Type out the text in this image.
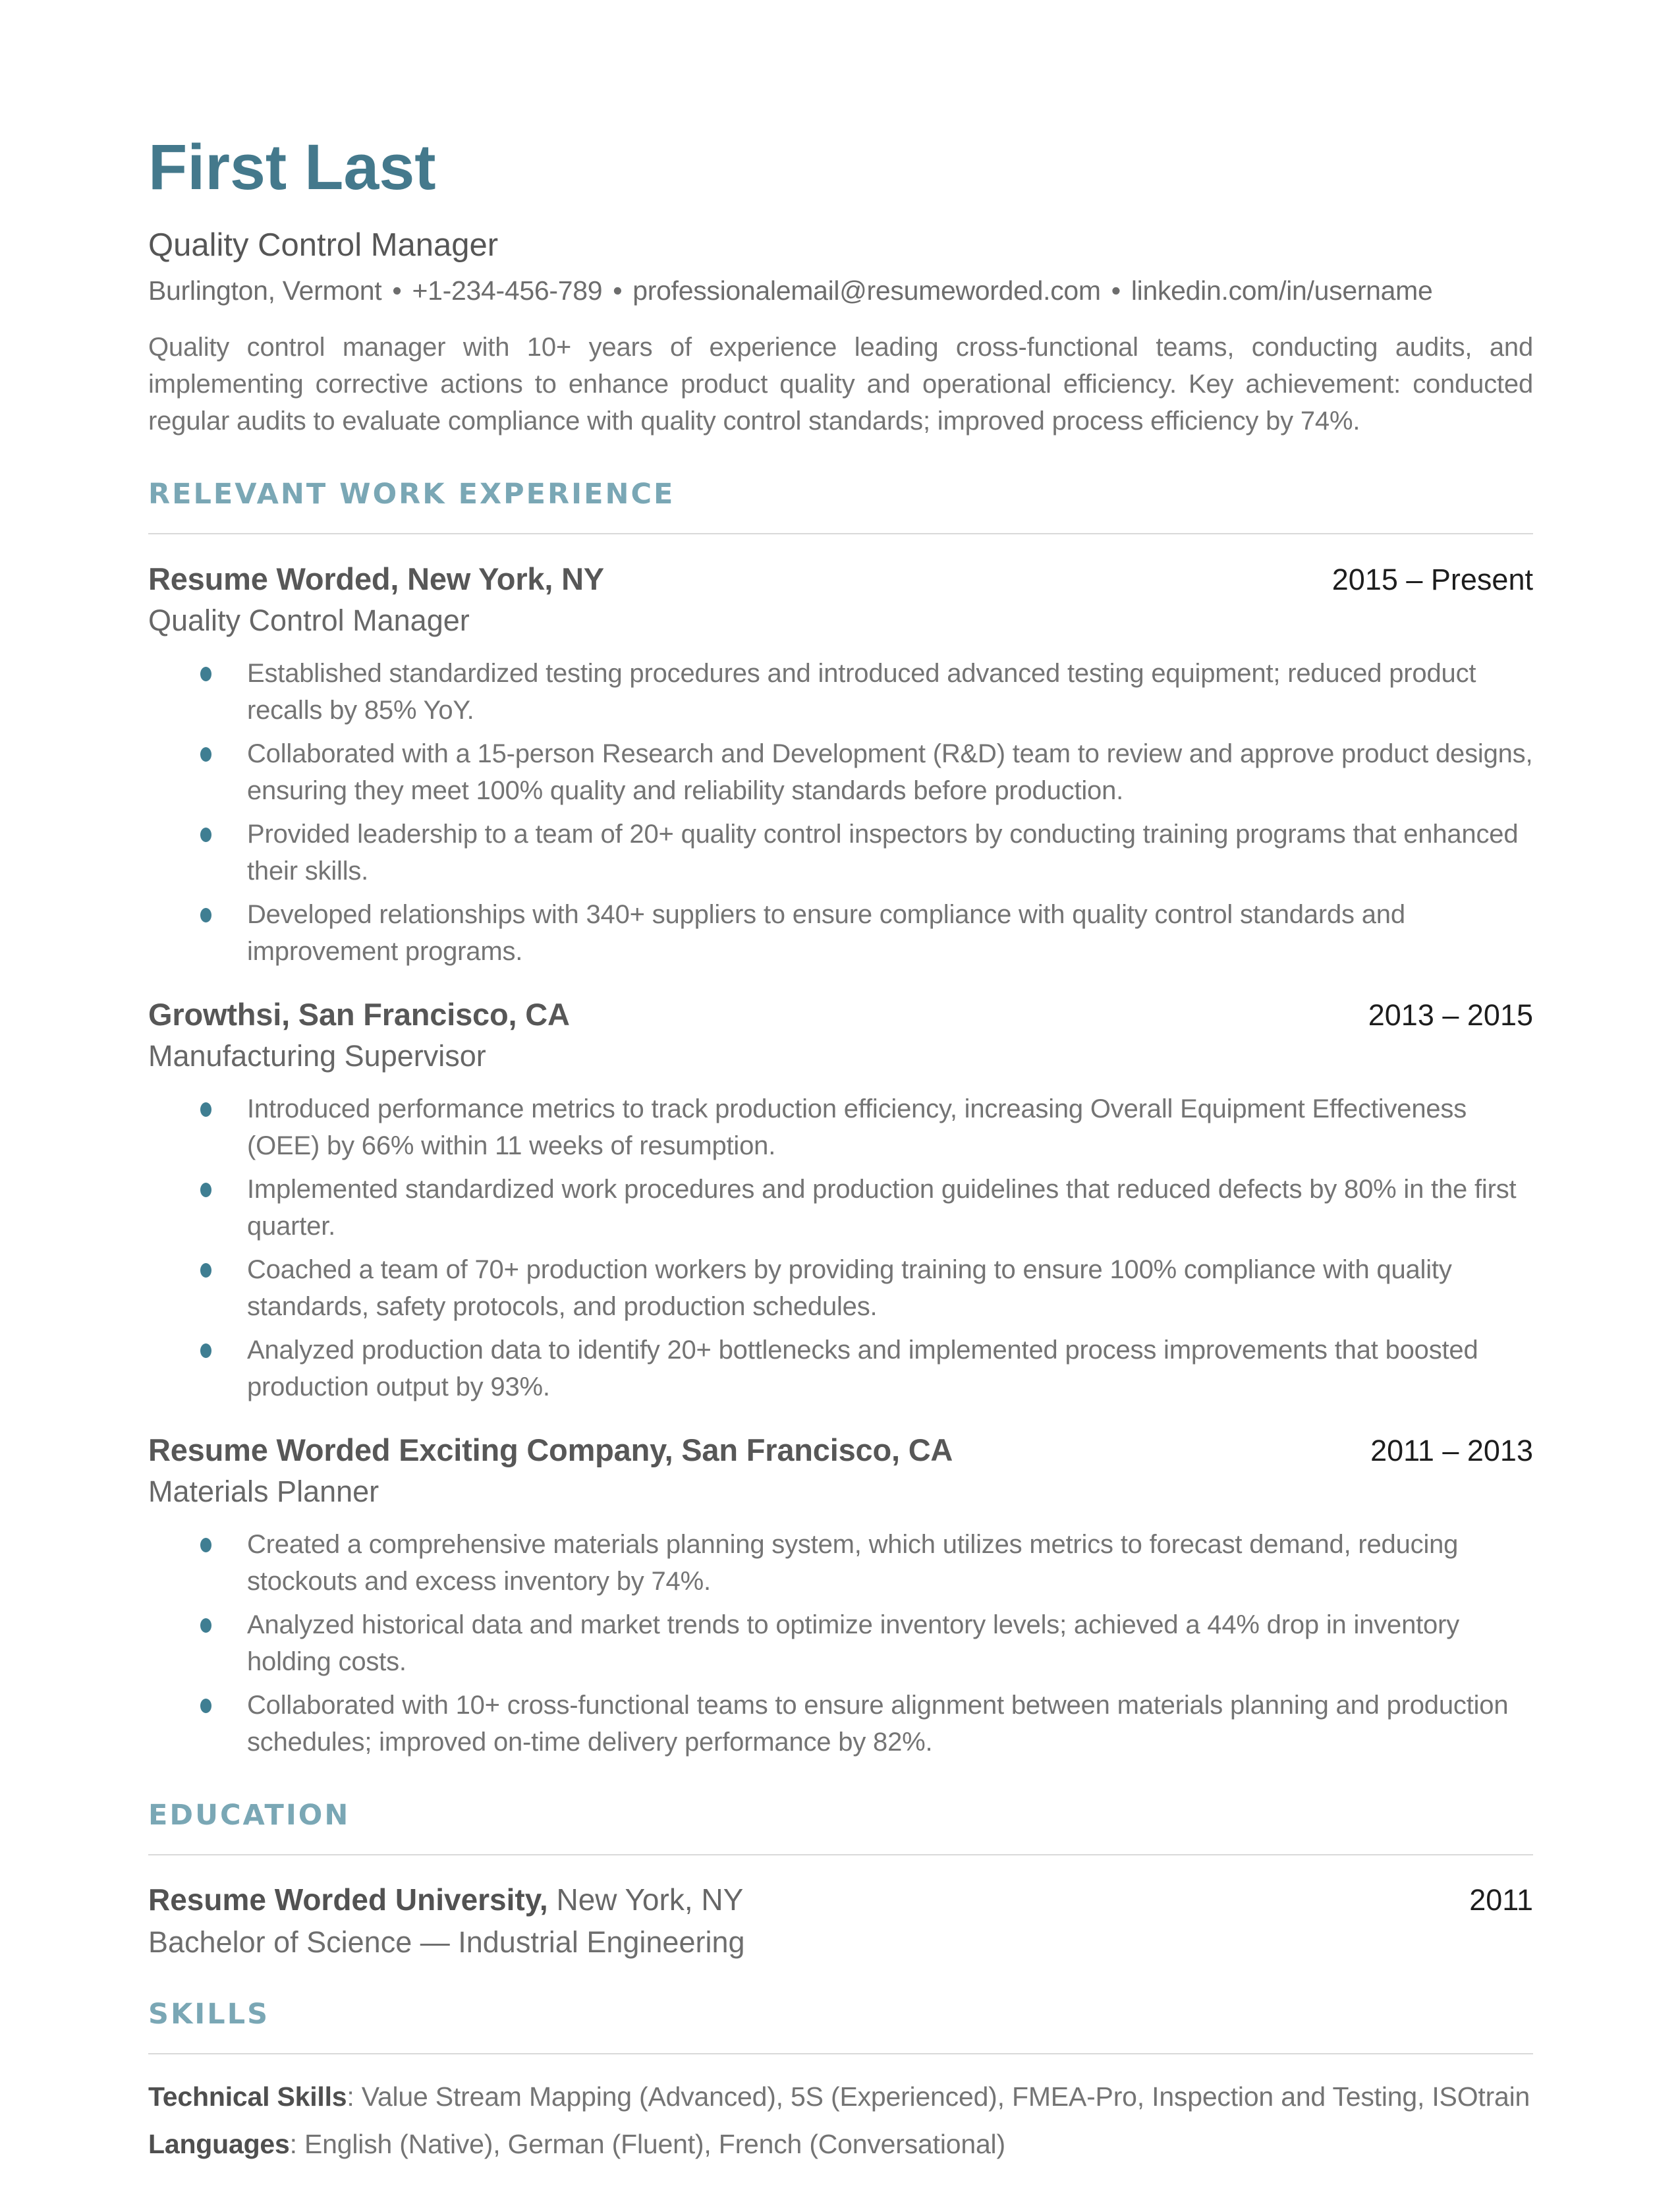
First Last
Quality Control Manager
Burlington, Vermont • +1-234-456-789 • professionalemail@resumeworded.com • linkedin.com/in/username

Quality control manager with 10+ years of experience leading cross-functional teams, conducting audits, and implementing corrective actions to enhance product quality and operational efficiency. Key achievement: conducted regular audits to evaluate compliance with quality control standards; improved process efficiency by 74%.

RELEVANT WORK EXPERIENCE
Resume Worded, New York, NY	2015 – Present
Quality Control Manager
Established standardized testing procedures and introduced advanced testing equipment; reduced product recalls by 85% YoY.
Collaborated with a 15-person Research and Development (R&D) team to review and approve product designs, ensuring they meet 100% quality and reliability standards before production.
Provided leadership to a team of 20+ quality control inspectors by conducting training programs that enhanced their skills.
Developed relationships with 340+ suppliers to ensure compliance with quality control standards and improvement programs.
Growthsi, San Francisco, CA	2013 – 2015
Manufacturing Supervisor
Introduced performance metrics to track production efficiency, increasing Overall Equipment Effectiveness (OEE) by 66% within 11 weeks of resumption.
Implemented standardized work procedures and production guidelines that reduced defects by 80% in the first quarter.
Coached a team of 70+ production workers by providing training to ensure 100% compliance with quality standards, safety protocols, and production schedules.
Analyzed production data to identify 20+ bottlenecks and implemented process improvements that boosted production output by 93%.
Resume Worded Exciting Company, San Francisco, CA	2011 – 2013
Materials Planner
Created a comprehensive materials planning system, which utilizes metrics to forecast demand, reducing stockouts and excess inventory by 74%.
Analyzed historical data and market trends to optimize inventory levels; achieved a 44% drop in inventory holding costs.
Collaborated with 10+ cross-functional teams to ensure alignment between materials planning and production schedules; improved on-time delivery performance by 82%.
EDUCATION
Resume Worded University, New York, NY	2011
Bachelor of Science — Industrial Engineering
SKILLS
Technical Skills: Value Stream Mapping (Advanced), 5S (Experienced), FMEA-Pro, Inspection and Testing, ISOtrain
Languages: English (Native), German (Fluent), French (Conversational)
